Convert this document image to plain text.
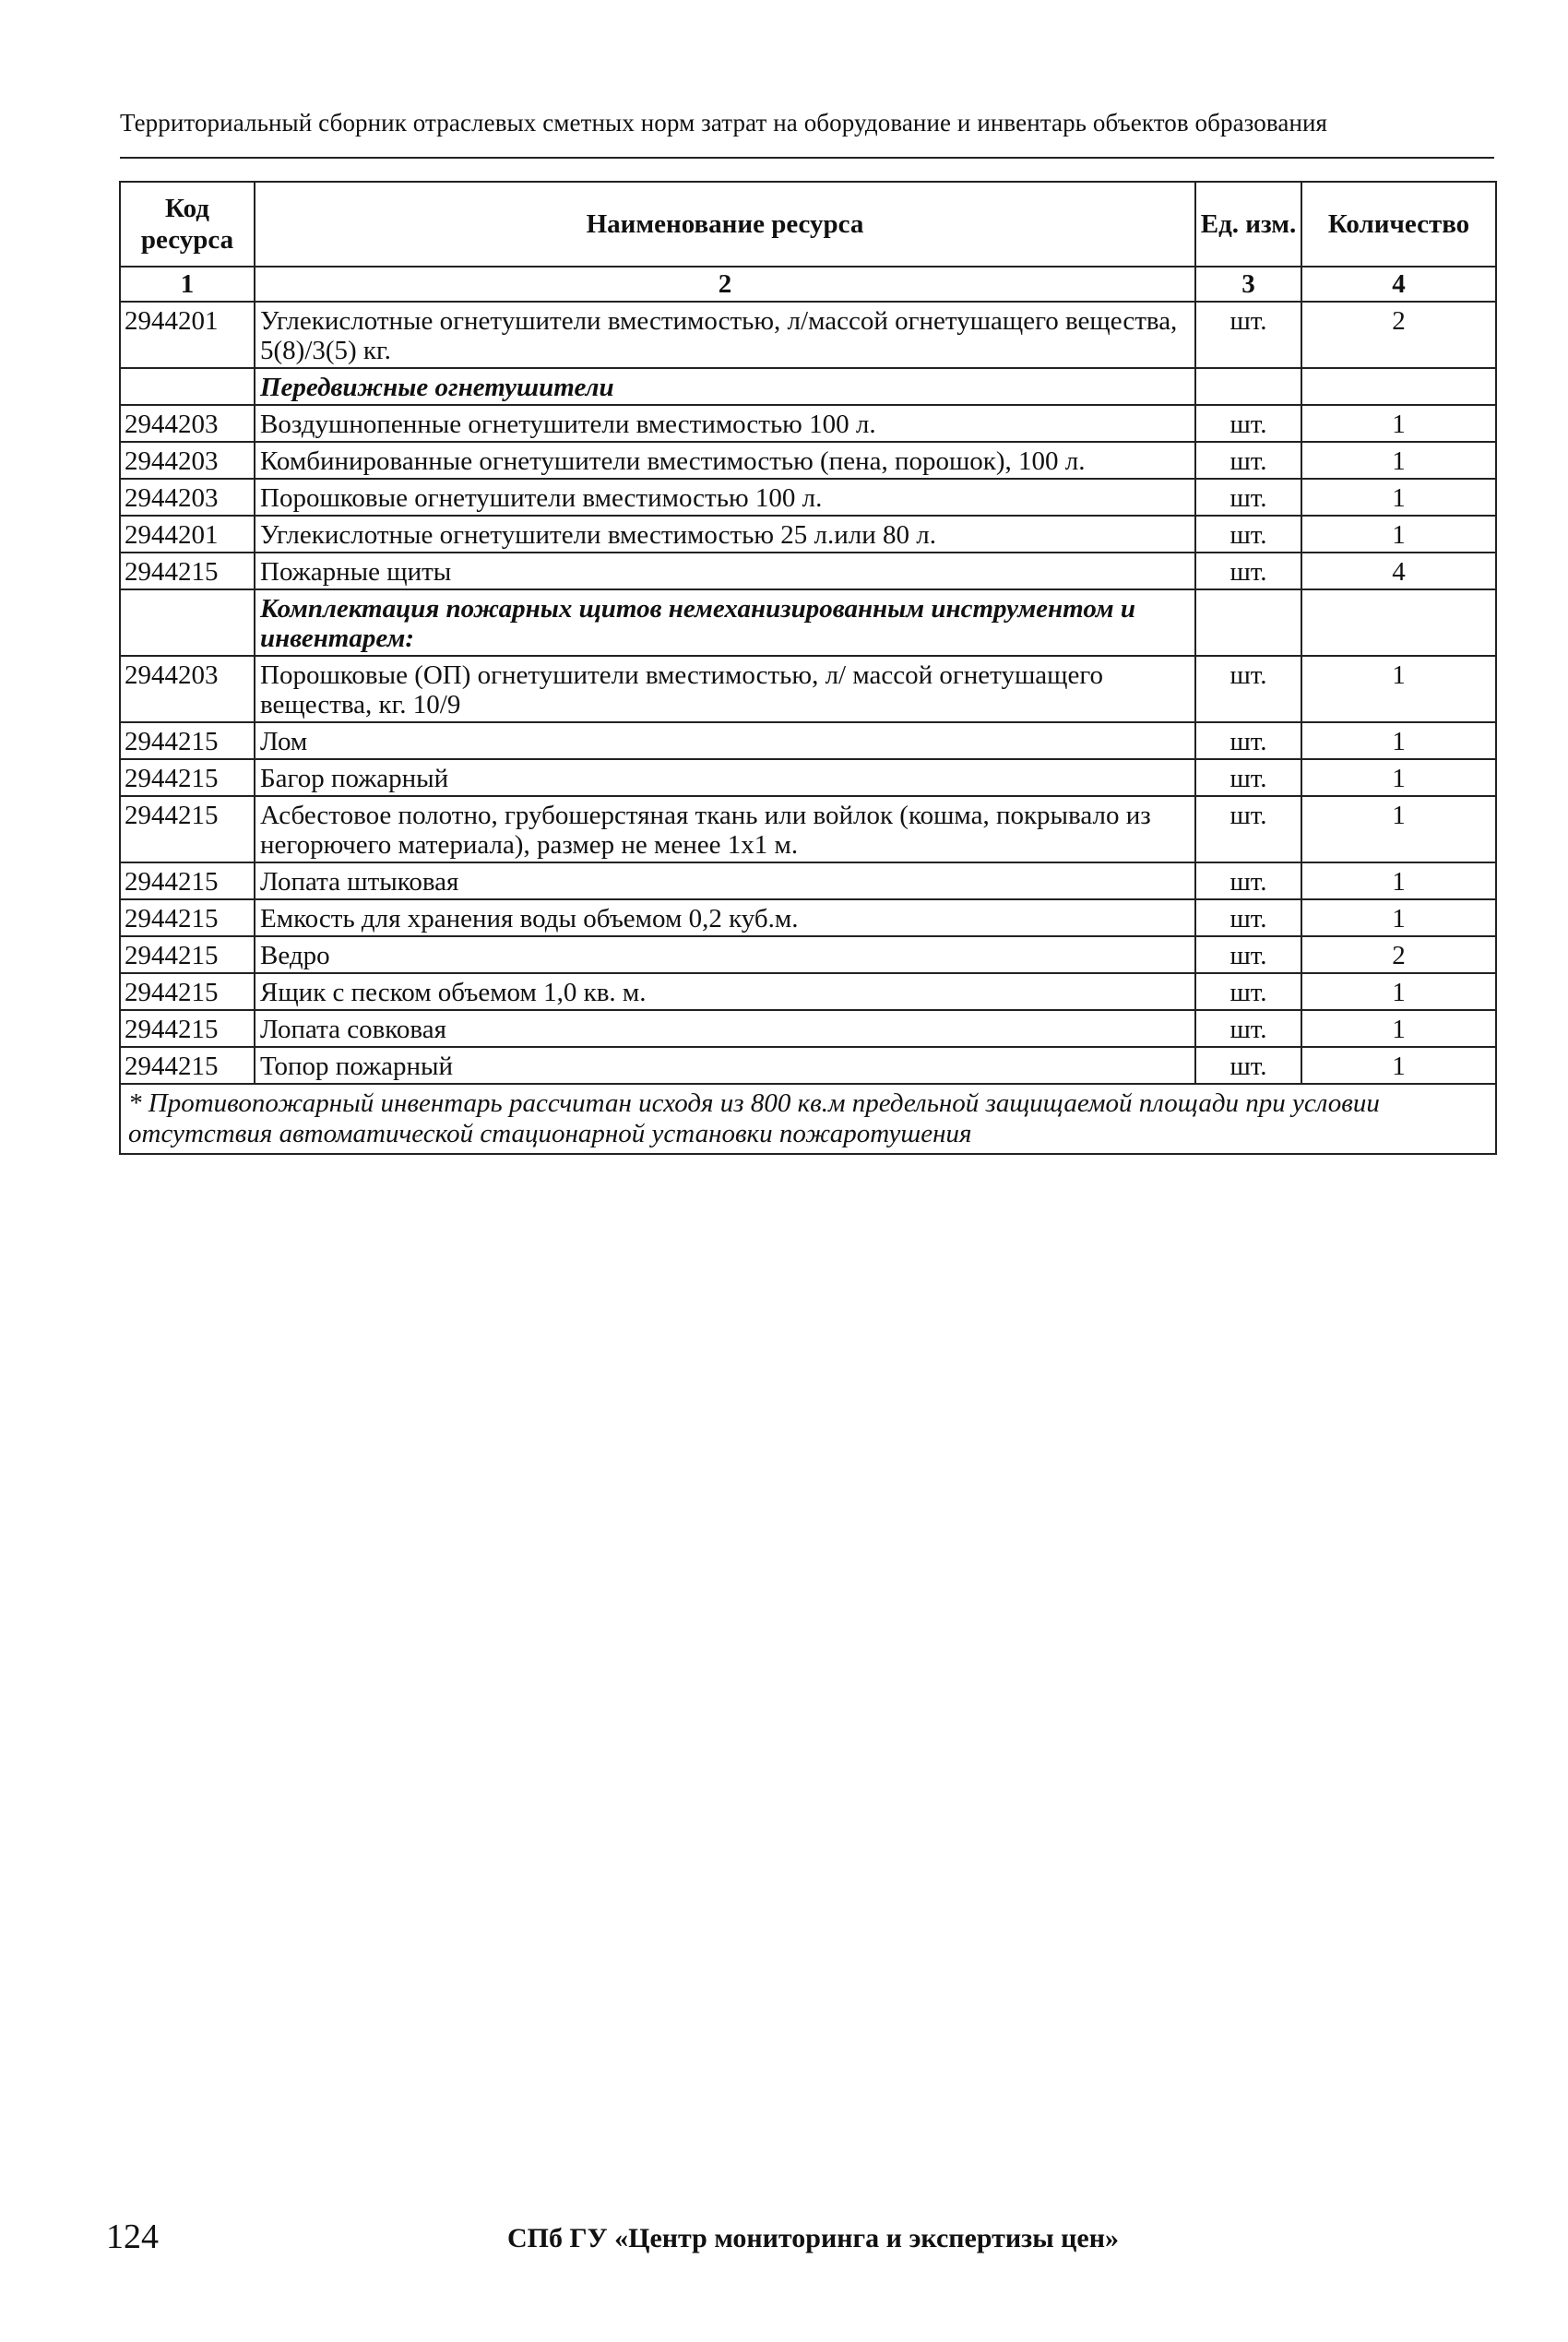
Территориальный сборник отраслевых сметных норм затрат на оборудование и инвентарь объектов образования
Код ресурса	Наименование ресурса	Ед. изм.	Количество
1	2	3	4
2944201	Углекислотные огнетушители вместимостью, л/массой огнетушащего вещества, 5(8)/3(5) кг.	шт.	2
	Передвижные огнетушители		
2944203	Воздушнопенные огнетушители вместимостью 100 л.	шт.	1
2944203	Комбинированные огнетушители вместимостью (пена, порошок), 100 л.	шт.	1
2944203	Порошковые огнетушители вместимостью 100 л.	шт.	1
2944201	Углекислотные огнетушители вместимостью 25 л.или 80 л.	шт.	1
2944215	Пожарные щиты	шт.	4
	Комплектация пожарных щитов немеханизированным инструментом и инвентарем:		
2944203	Порошковые (ОП) огнетушители вместимостью, л/ массой огнетушащего вещества, кг. 10/9	шт.	1
2944215	Лом	шт.	1
2944215	Багор пожарный	шт.	1
2944215	Асбестовое полотно, грубошерстяная ткань или войлок (кошма, покрывало из негорючего материала), размер не менее 1х1 м.	шт.	1
2944215	Лопата штыковая	шт.	1
2944215	Емкость для хранения воды объемом 0,2 куб.м.	шт.	1
2944215	Ведро	шт.	2
2944215	Ящик с песком объемом 1,0 кв. м.	шт.	1
2944215	Лопата совковая	шт.	1
2944215	Топор пожарный	шт.	1
* Противопожарный инвентарь рассчитан исходя из 800 кв.м предельной защищаемой площади при условии отсутствия автоматической стационарной установки пожаротушения			
124	СПб ГУ «Центр мониторинга и экспертизы цен»
